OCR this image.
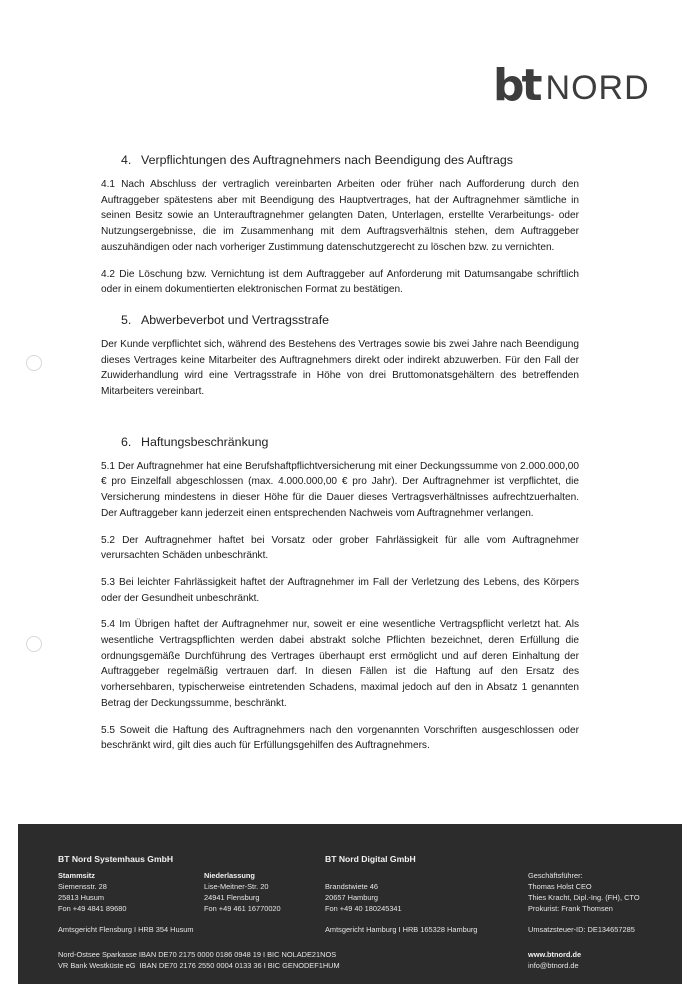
bt NORD
4. Verpflichtungen des Auftragnehmers nach Beendigung des Auftrags

4.1 Nach Abschluss der vertraglich vereinbarten Arbeiten oder früher nach Aufforderung durch den Auftraggeber spätestens aber mit Beendigung des Hauptvertrages, hat der Auftragnehmer sämtliche in seinen Besitz sowie an Unterauftragnehmer gelangten Daten, Unterlagen, erstellte Verarbeitungs- oder Nutzungsergebnisse, die im Zusammenhang mit dem Auftragsverhältnis stehen, dem Auftraggeber auszuhändigen oder nach vorheriger Zustimmung datenschutzgerecht zu löschen bzw. zu vernichten.

4.2 Die Löschung bzw. Vernichtung ist dem Auftraggeber auf Anforderung mit Datumsangabe schriftlich oder in einem dokumentierten elektronischen Format zu bestätigen.

5. Abwerbeverbot und Vertragsstrafe

Der Kunde verpflichtet sich, während des Bestehens des Vertrages sowie bis zwei Jahre nach Beendigung dieses Vertrages keine Mitarbeiter des Auftragnehmers direkt oder indirekt abzuwerben. Für den Fall der Zuwiderhandlung wird eine Vertragsstrafe in Höhe von drei Bruttomonatsgehältern des betreffenden Mitarbeiters vereinbart.

6. Haftungsbeschränkung

5.1 Der Auftragnehmer hat eine Berufshaftpflichtversicherung mit einer Deckungssumme von 2.000.000,00 € pro Einzelfall abgeschlossen (max. 4.000.000,00 € pro Jahr). Der Auftragnehmer ist verpflichtet, die Versicherung mindestens in dieser Höhe für die Dauer dieses Vertragsverhältnisses aufrechtzuerhalten. Der Auftraggeber kann jederzeit einen entsprechenden Nachweis vom Auftragnehmer verlangen.

5.2 Der Auftragnehmer haftet bei Vorsatz oder grober Fahrlässigkeit für alle vom Auftragnehmer verursachten Schäden unbeschränkt.

5.3 Bei leichter Fahrlässigkeit haftet der Auftragnehmer im Fall der Verletzung des Lebens, des Körpers oder der Gesundheit unbeschränkt.

5.4 Im Übrigen haftet der Auftragnehmer nur, soweit er eine wesentliche Vertragspflicht verletzt hat. Als wesentliche Vertragspflichten werden dabei abstrakt solche Pflichten bezeichnet, deren Erfüllung die ordnungsgemäße Durchführung des Vertrages überhaupt erst ermöglicht und auf deren Einhaltung der Auftraggeber regelmäßig vertrauen darf. In diesen Fällen ist die Haftung auf den Ersatz des vorhersehbaren, typischerweise eintretenden Schadens, maximal jedoch auf den in Absatz 1 genannten Betrag der Deckungssumme, beschränkt.

5.5 Soweit die Haftung des Auftragnehmers nach den vorgenannten Vorschriften ausgeschlossen oder beschränkt wird, gilt dies auch für Erfüllungsgehilfen des Auftragnehmers.

BT Nord Systemhaus GmbH	BT Nord Digital GmbH
Stammsitz
Siemensstr. 28
25813 Husum
Fon +49 4841 89680
Niederlassung
Lise-Meitner-Str. 20
24941 Flensburg
Fon +49 461 16770020
Brandstwiete 46
20657 Hamburg
Fon +49 40 180245341
Geschäftsführer:
Thomas Holst CEO
Thies Kracht, Dipl.-Ing. (FH), CTO
Prokurist: Frank Thomsen
Amtsgericht Flensburg I HRB 354 Husum	Amtsgericht Hamburg I HRB 165328 Hamburg	Umsatzsteuer-ID: DE134657285
Nord-Ostsee Sparkasse IBAN DE70 2175 0000 0186 0948 19 I BIC NOLADE21NOS
VR Bank Westküste eG  IBAN DE70 2176 2550 0004 0133 36 I BIC GENODEF1HUM
www.btnord.de
info@btnord.de
